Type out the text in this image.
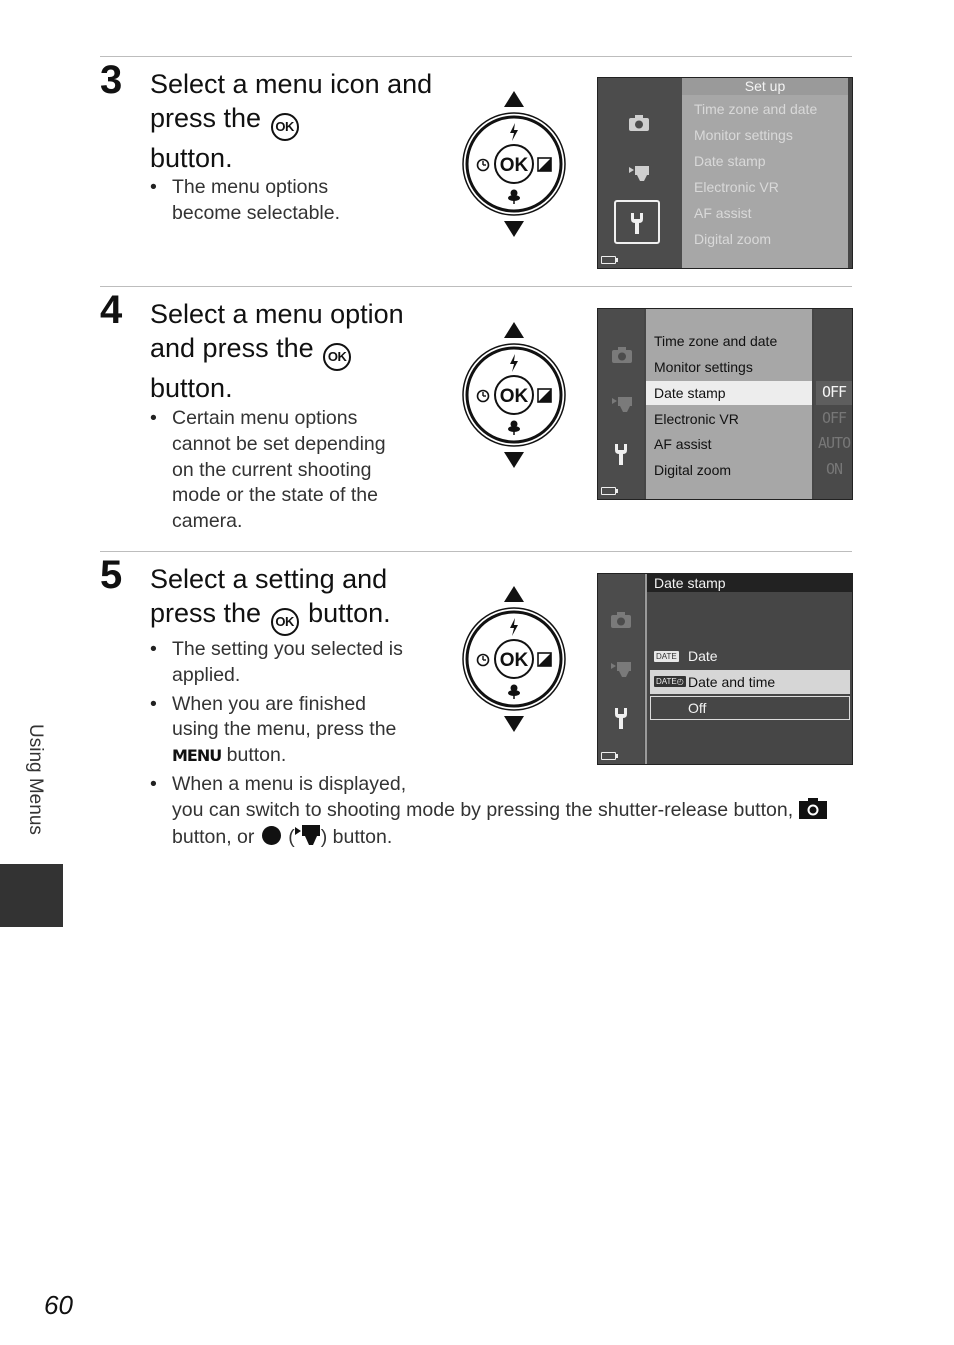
3 Select a menu icon and press the OK
button.
• The menu options become selectable.
OK
Set up
Time zone and date
Monitor settings
Date stamp
Electronic VR
AF assist
Digital zoom
4 Select a menu option and press the OK
button.
• Certain menu options cannot be set depending on the current shooting mode or the state of the camera.
OK
Time zone and date
Monitor settings
Date stamp
Electronic VR
AF assist
Digital zoom
OFF
OFF
AUTO
ON
5 Select a setting and press the OK button.
• The setting you selected is applied.
• When you are finished using the menu, press the MENU button.
• When a menu is displayed,
you can switch to shooting mode by pressing the shutter-release button,
button, or ( ) button.
OK
Date stamp
DATE Date
DATE◴ Date and time
Off
Using Menus
60
